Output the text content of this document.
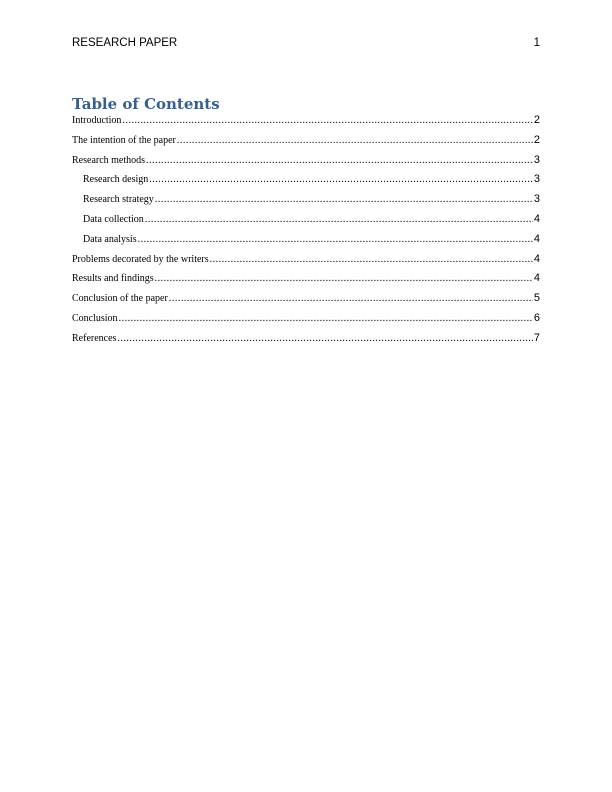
RESEARCH PAPER	1
Table of Contents
Introduction .....	2
The intention of the paper .....	2
Research methods .....	3
Research design .....	3
Research strategy .....	3
Data collection .....	4
Data analysis .....	4
Problems decorated by the writers .....	4
Results and findings .....	4
Conclusion of the paper .....	5
Conclusion .....	6
References .....	7
